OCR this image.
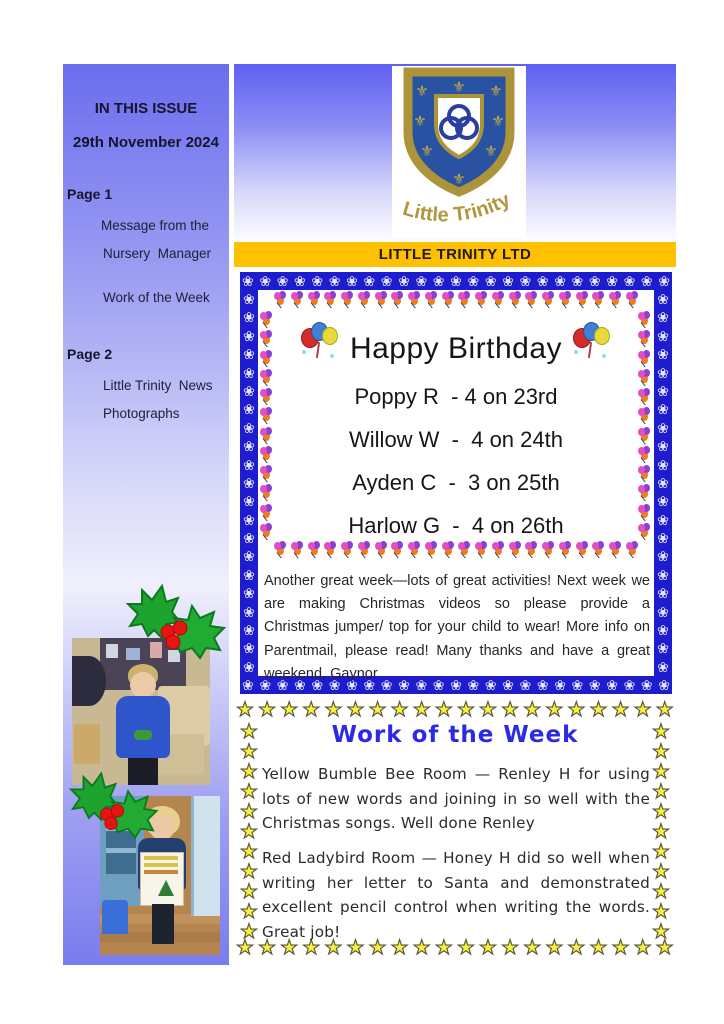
IN THIS ISSUE
29th November 2024
Page 1
Message from the
Nursery  Manager
Work of the Week
Page 2
Little Trinity  News
Photographs
⚜ ⚜ ⚜
⚜	⚜
⚜	⚜
⚜
Little Trinity
LITTLE TRINITY LTD
❀ ❀ ❀ ❀ ❀ ❀ ❀ ❀ ❀ ❀ ❀ ❀ ❀ ❀ ❀ ❀ ❀ ❀ ❀ ❀ ❀ ❀ ❀ ❀ ❀
❀ ❀ ❀ ❀ ❀ ❀ ❀ ❀ ❀ ❀ ❀ ❀ ❀ ❀ ❀ ❀ ❀ ❀ ❀ ❀ ❀ ❀ ❀ ❀ ❀
❀
❀
❀
❀
❀
❀
❀
❀
❀
❀
❀
❀
❀
❀
❀
❀
❀
❀
❀
❀
❀
❀
❀
❀
❀
❀
❀
❀
❀
❀
❀
❀
❀
❀
❀
❀
❀
❀
❀
❀
❀
❀
Happy Birthday
Poppy R  - 4 on 23rd
Willow W  -  4 on 24th
Ayden C  -  3 on 25th
Harlow G  -  4 on 26th
Another great week—lots of great activities! Next week we are making Christmas videos so please provide a Christmas jumper/ top for your child to wear! More info on Parentmail, please read! Many thanks and have a great weekend, Gaynor
★ ★ ★ ★ ★ ★ ★ ★ ★ ★ ★ ★ ★ ★ ★ ★ ★ ★ ★ ★
★ ★ ★ ★ ★ ★ ★ ★ ★ ★ ★ ★ ★ ★ ★ ★ ★ ★ ★ ★
★
★
★
★
★
★
★
★
★
★
★
★
★
★
★
★
★
★
★
★
★
★
Work of the Week
Yellow Bumble Bee Room — Renley H for using lots of new words and joining in so well with the Christmas songs. Well done Renley
Red Ladybird Room — Honey H did so well when writing her letter to Santa and demonstrated excellent pencil control when writing the words. Great job!
